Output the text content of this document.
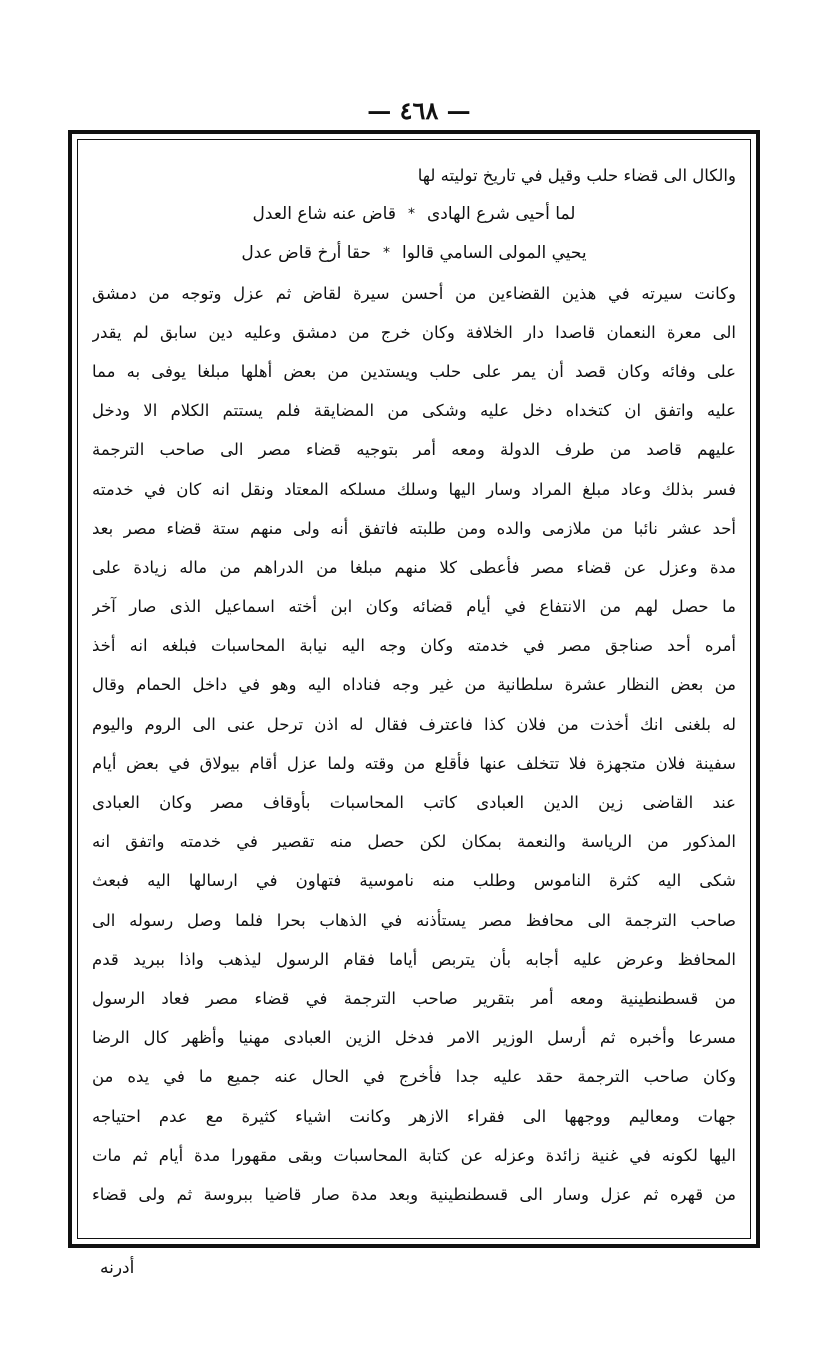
— ٤٦٨ —
والكال الى قضاء حلب وقيل في تاريخ توليته لها
لما أحيى شرع الهادى
*
قاض عنه شاع العدل
يحيي المولى السامي قالوا
*
حقا أرخ قاض عدل
وكانت سيرته في هذين القضاءين من أحسن سيرة لقاض ثم عزل وتوجه من دمشق
الى معرة النعمان قاصدا دار الخلافة وكان خرج من دمشق وعليه دين سابق لم يقدر
على وفائه وكان قصد أن يمر على حلب ويستدين من بعض أهلها مبلغا يوفى به مما
عليه واتفق ان كتخداه دخل عليه وشكى من المضايقة فلم يستتم الكلام الا ودخل
عليهم قاصد من طرف الدولة ومعه أمر بتوجيه قضاء مصر الى صاحب الترجمة
فسر بذلك وعاد مبلغ المراد وسار اليها وسلك مسلكه المعتاد ونقل انه كان في خدمته
أحد عشر نائبا من ملازمى والده ومن طلبته فاتفق أنه ولى منهم ستة قضاء مصر بعد
مدة وعزل عن قضاء مصر فأعطى كلا منهم مبلغا من الدراهم من ماله زيادة على
ما حصل لهم من الانتفاع في أيام قضائه وكان ابن أخته اسماعيل الذى صار آخر
أمره أحد صناجق مصر في خدمته وكان وجه اليه نيابة المحاسبات فبلغه انه أخذ
من بعض النظار عشرة سلطانية من غير وجه فناداه اليه وهو في داخل الحمام وقال
له بلغنى انك أخذت من فلان كذا فاعترف فقال له اذن ترحل عنى الى الروم واليوم
سفينة فلان متجهزة فلا تتخلف عنها فأقلع من وقته ولما عزل أقام بيولاق في بعض أيام
عند القاضى زين الدين العبادى كاتب المحاسبات بأوقاف مصر وكان العبادى
المذكور من الرياسة والنعمة بمكان لكن حصل منه تقصير في خدمته واتفق انه
شكى اليه كثرة الناموس وطلب منه ناموسية فتهاون في ارسالها اليه فبعث
صاحب الترجمة الى محافظ مصر يستأذنه في الذهاب بحرا فلما وصل رسوله الى
المحافظ وعرض عليه أجابه بأن يتربص أياما فقام الرسول ليذهب واذا ببريد قدم
من قسطنطينية ومعه أمر بتقرير صاحب الترجمة في قضاء مصر فعاد الرسول
مسرعا وأخبره ثم أرسل الوزير الامر فدخل الزين العبادى مهنيا وأظهر كال الرضا
وكان صاحب الترجمة حقد عليه جدا فأخرج في الحال عنه جميع ما في يده من
جهات ومعاليم ووجهها الى فقراء الازهر وكانت اشياء كثيرة مع عدم احتياجه
اليها لكونه في غنية زائدة وعزله عن كتابة المحاسبات وبقى مقهورا مدة أيام ثم مات
من قهره ثم عزل وسار الى قسطنطينية وبعد مدة صار قاضيا ببروسة ثم ولى قضاء
أدرنه
